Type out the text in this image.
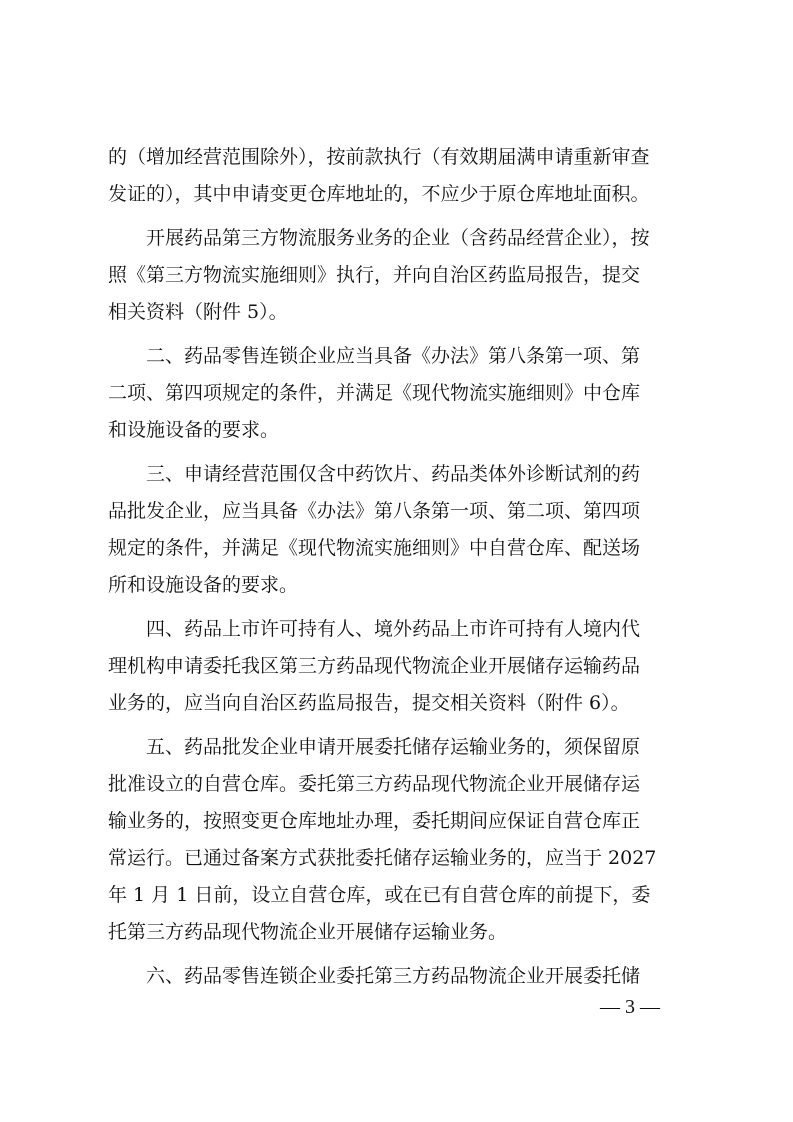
的（增加经营范围除外），按前款执行（有效期届满申请重新审查

发证的），其中申请变更仓库地址的，不应少于原仓库地址面积。

开展药品第三方物流服务业务的企业（含药品经营企业），按

照《第三方物流实施细则》执行，并向自治区药监局报告，提交

相关资料（附件 5）。

二、药品零售连锁企业应当具备《办法》第八条第一项、第

二项、第四项规定的条件，并满足《现代物流实施细则》中仓库

和设施设备的要求。

三、申请经营范围仅含中药饮片、药品类体外诊断试剂的药

品批发企业，应当具备《办法》第八条第一项、第二项、第四项

规定的条件，并满足《现代物流实施细则》中自营仓库、配送场

所和设施设备的要求。

四、药品上市许可持有人、境外药品上市许可持有人境内代

理机构申请委托我区第三方药品现代物流企业开展储存运输药品

业务的，应当向自治区药监局报告，提交相关资料（附件 6）。

五、药品批发企业申请开展委托储存运输业务的，须保留原

批准设立的自营仓库。委托第三方药品现代物流企业开展储存运

输业务的，按照变更仓库地址办理，委托期间应保证自营仓库正

常运行。已通过备案方式获批委托储存运输业务的，应当于 2027

年 1 月 1 日前，设立自营仓库，或在已有自营仓库的前提下，委

托第三方药品现代物流企业开展储存运输业务。

六、药品零售连锁企业委托第三方药品物流企业开展委托储

— 3 —
